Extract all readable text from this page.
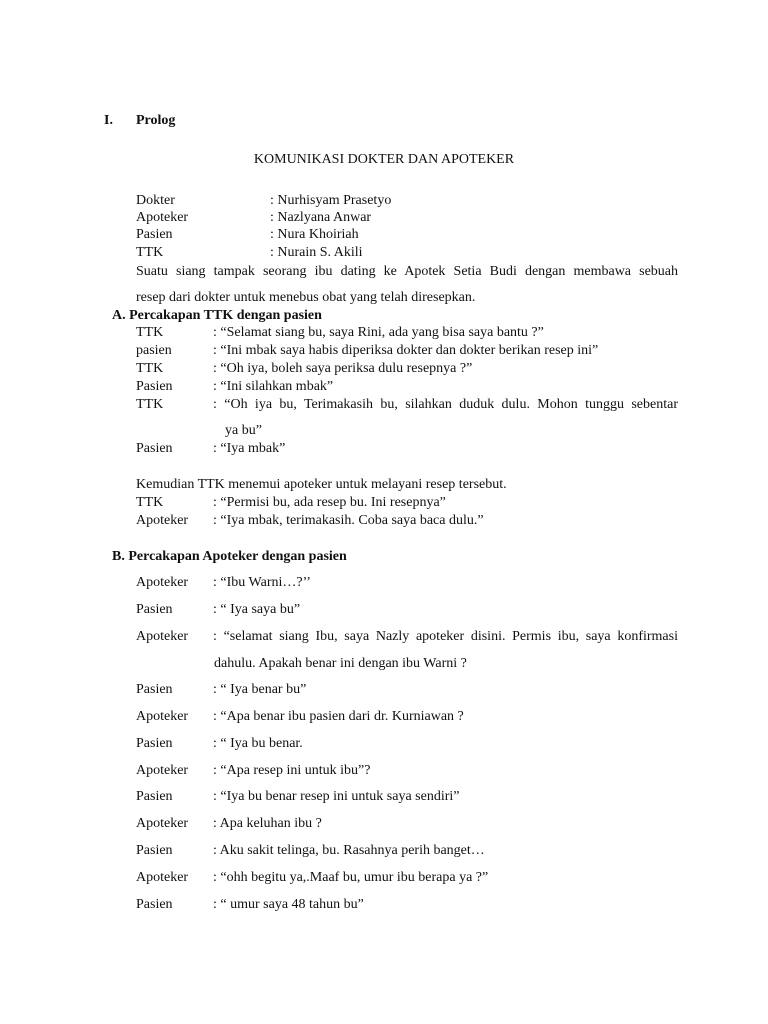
I. Prolog
KOMUNIKASI DOKTER DAN APOTEKER
Dokter	: Nurhisyam Prasetyo
Apoteker	: Nazlyana Anwar
Pasien	: Nura Khoiriah
TTK	: Nurain S. Akili
Suatu siang tampak seorang ibu dating ke Apotek Setia Budi dengan membawa sebuah
resep dari dokter untuk menebus obat yang telah diresepkan.
A. Percakapan TTK dengan pasien
TTK	: “Selamat siang bu, saya Rini, ada yang bisa saya bantu ?”
pasien	: “Ini mbak saya habis diperiksa dokter dan dokter berikan resep ini”
TTK	: “Oh iya, boleh saya periksa dulu resepnya ?”
Pasien	: “Ini silahkan mbak”
TTK	: “Oh iya bu, Terimakasih bu, silahkan duduk dulu. Mohon tunggu sebentar
ya bu”
Pasien	: “Iya mbak”
Kemudian TTK menemui apoteker untuk melayani resep tersebut.
TTK	: “Permisi bu, ada resep bu. Ini resepnya”
Apoteker : “Iya mbak, terimakasih. Coba saya baca dulu.”
B. Percakapan Apoteker dengan pasien
Apoteker : “Ibu Warni…?’’
Pasien	: “ Iya saya bu”
Apoteker : “selamat siang Ibu, saya Nazly apoteker disini. Permis ibu, saya konfirmasi
dahulu. Apakah benar ini dengan ibu Warni ?
Pasien	: “ Iya benar bu”
Apoteker : “Apa benar ibu pasien dari dr. Kurniawan ?
Pasien	: “ Iya bu benar.
Apoteker : “Apa resep ini untuk ibu”?
Pasien	: “Iya bu benar resep ini untuk saya sendiri”
Apoteker : Apa keluhan ibu ?
Pasien	: Aku sakit telinga, bu. Rasahnya perih banget…
Apoteker : “ohh begitu ya,.Maaf bu, umur ibu berapa ya ?”
Pasien	: “ umur saya 48 tahun bu”
